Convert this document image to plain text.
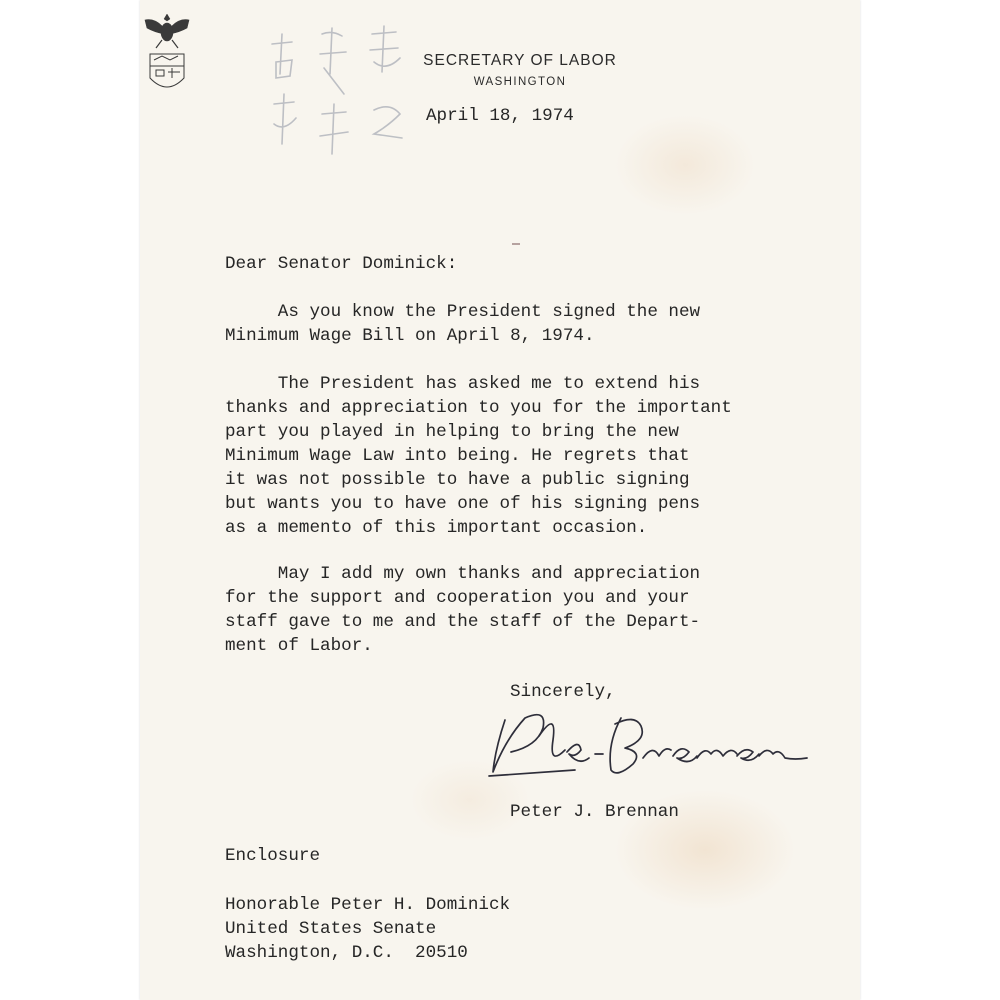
SECRETARY OF LABOR
WASHINGTON
April 18, 1974
Dear Senator Dominick:
As you know the President signed the new
Minimum Wage Bill on April 8, 1974.
The President has asked me to extend his
thanks and appreciation to you for the important
part you played in helping to bring the new
Minimum Wage Law into being. He regrets that
it was not possible to have a public signing
but wants you to have one of his signing pens
as a memento of this important occasion.
May I add my own thanks and appreciation
for the support and cooperation you and your
staff gave to me and the staff of the Depart-
ment of Labor.
Sincerely,
Peter J. Brennan
Enclosure
Honorable Peter H. Dominick
United States Senate
Washington, D.C.  20510
